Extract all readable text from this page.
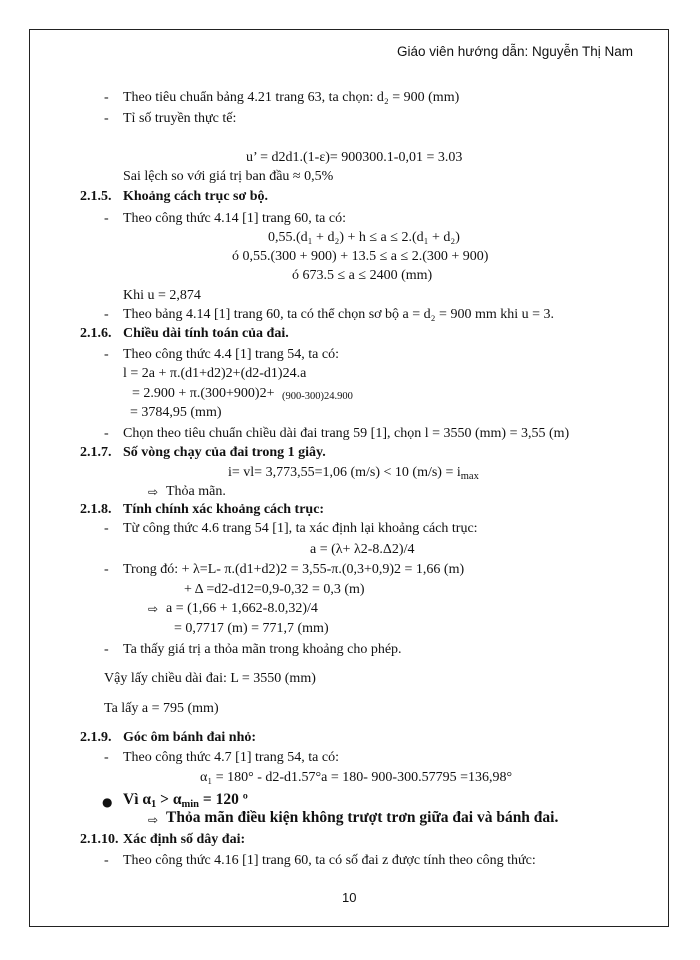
Giáo viên hướng dẫn: Nguyễn Thị Nam
-
-
-
-
-
-
-
-
-
-
-
Theo tiêu chuẩn bảng 4.21 trang 63, ta chọn: d₂ = 900 (mm)
Tỉ số truyền thực tế:
u’ = d2d1.(1-ε)= 900300.1-0,01 = 3.03
Sai lệch so với giá trị ban đầu ≈ 0,5%
2.1.5. Khoảng cách trục sơ bộ.
Theo công thức 4.14 [1] trang 60, ta có:
0,55.(d₁ + d₂) + h ≤ a ≤ 2.(d₁ + d₂)
ó 0,55.(300 + 900) + 13.5 ≤ a ≤ 2.(300 + 900)
ó 673.5 ≤ a ≤ 2400 (mm)
Khi u = 2,874
Theo bảng 4.14 [1] trang 60, ta có thể chọn sơ bộ a = d₂ = 900 mm khi u = 3.
2.1.6. Chiều dài tính toán của đai.
Theo công thức 4.4 [1] trang 54, ta có:
l = 2a + π.(d1+d2)2+(d2-d1)24.a
= 2.900 + π.(300+900)2+ (900-300)24.900
= 3784,95 (mm)
Chọn theo tiêu chuẩn chiều dài đai trang 59 [1], chọn l = 3550 (mm) = 3,55 (m)
2.1.7. Số vòng chạy của đai trong 1 giây.
i= vl= 3,773,55=1,06 (m/s) < 10 $(m/s) = i_{max}$
⇨ Thỏa mãn.
2.1.8. Tính chính xác khoảng cách trục:
Từ công thức 4.6 trang 54 [1], ta xác định lại khoảng cách trục:
a = (λ+ λ2-8.Δ2)/4
Trong đó: + λ=L- π.(d1+d2)2 = 3,55-π.(0,3+0,9)2 = 1,66 (m)
+ Δ =d2-d12=0,9-0,32 = 0,3 (m)
⇨ a = (1,66 + 1,662-8.0,32)/4
= 0,7717 (m) = 771,7 (mm)
Ta thấy giá trị a thỏa mãn trong khoảng cho phép.
Vậy lấy chiều dài đai: L = 3550 (mm)
Ta lấy a = 795 (mm)
2.1.9. Góc ôm bánh đai nhỏ:
Theo công thức 4.7 [1] trang 54, ta có:
α₁ = 180° - d2-d1.57°a = 180- 900-300.57795 =136,98°
● Vì α1 > αmin = 120 º
⇨ Thỏa mãn điều kiện không trượt trơn giữa đai và bánh đai.
2.1.10. Xác định số dây đai:
Theo công thức 4.16 [1] trang 60, ta có số đai z được tính theo công thức:
10
